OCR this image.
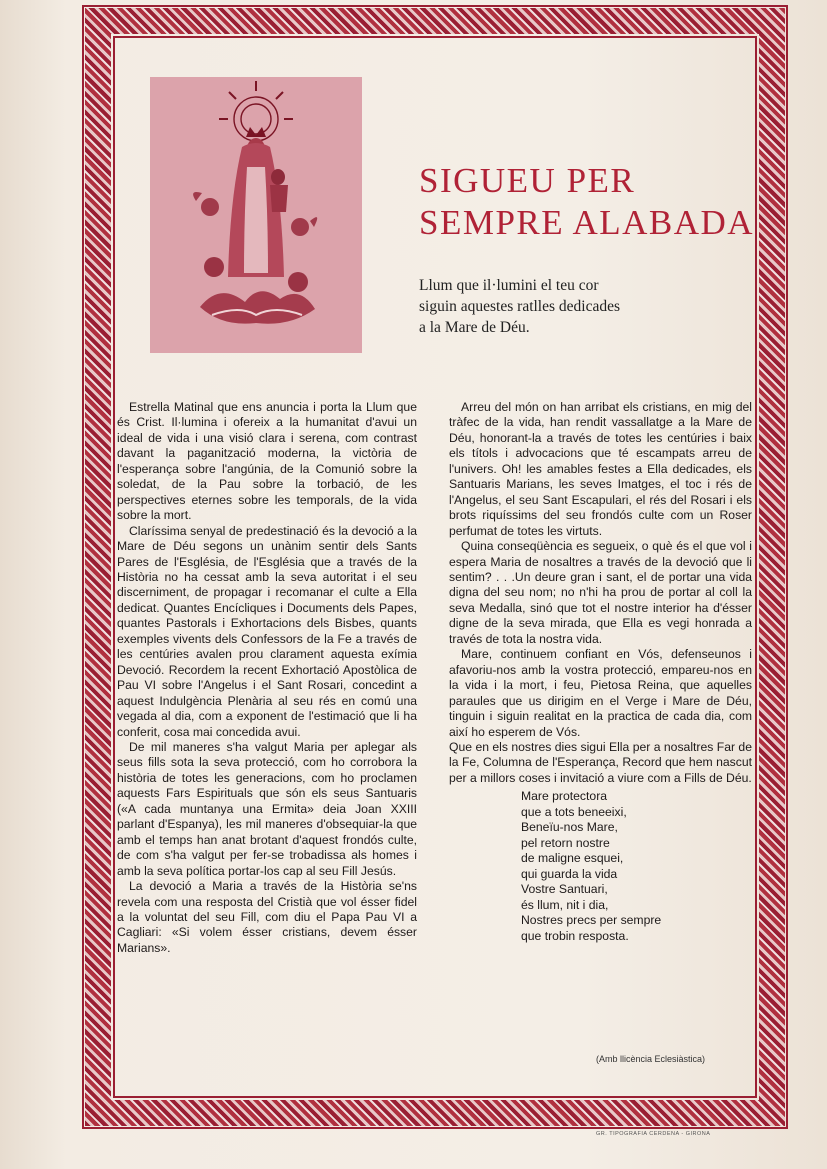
SIGUEU PER
SEMPRE ALABADA
Llum que il·lumini el teu cor
siguin aquestes ratlles dedicades
a la Mare de Déu.

Estrella Matinal que ens anuncia i porta la Llum que és Crist. Il·lumina i ofereix a la humanitat d'avui un ideal de vida i una visió clara i serena, com contrast davant la paganització moderna, la victòria de l'esperança sobre l'angúnia, de la Comunió sobre la soledat, de la Pau sobre la torbació, de les perspectives eternes sobre les temporals, de la vida sobre la mort.

Claríssima senyal de predestinació és la devoció a la Mare de Déu segons un unànim sentir dels Sants Pares de l'Església, de l'Església que a través de la Història no ha cessat amb la seva autoritat i el seu discerniment, de propagar i recomanar el culte a Ella dedicat. Quantes Encícliques i Documents dels Papes, quantes Pastorals i Exhortacions dels Bisbes, quants exemples vivents dels Confessors de la Fe a través de les centúries avalen prou clarament aquesta exímia Devoció. Recordem la recent Exhortació Apostòlica de Pau VI sobre l'Angelus i el Sant Rosari, concedint a aquest Indulgència Plenària al seu rés en comú una vegada al dia, com a exponent de l'estimació que li ha conferit, cosa mai concedida avui.

De mil maneres s'ha valgut Maria per aplegar als seus fills sota la seva protecció, com ho corrobora la història de totes les generacions, com ho proclamen aquests Fars Espirituals que són els seus Santuaris («A cada muntanya una Ermita» deia Joan XXIII parlant d'Espanya), les mil maneres d'obsequiar-la que amb el temps han anat brotant d'aquest frondós culte, de com s'ha valgut per fer-se trobadissa als homes i amb la seva política portar-los cap al seu Fill Jesús.

La devoció a Maria a través de la Història se'ns revela com una resposta del Cristià que vol ésser fidel a la voluntat del seu Fill, com diu el Papa Pau VI a Cagliari: «Si volem ésser cristians, devem ésser Marians».

Arreu del món on han arribat els cristians, en mig del tràfec de la vida, han rendit vassallatge a la Mare de Déu, honorant-la a través de totes les centúries i baix els títols i advocacions que té escampats arreu de l'univers. Oh! les amables festes a Ella dedicades, els Santuaris Marians, les seves Imatges, el toc i rés de l'Angelus, el seu Sant Escapulari, el rés del Rosari i els brots riquíssims del seu frondós culte com un Roser perfumat de totes les virtuts.

Quina conseqüència es segueix, o què és el que vol i espera Maria de nosaltres a través de la devoció que li sentim? . . .Un deure gran i sant, el de portar una vida digna del seu nom; no n'hi ha prou de portar al coll la seva Medalla, sinó que tot el nostre interior ha d'ésser digne de la seva mirada, que Ella es vegi honrada a través de tota la nostra vida.

Mare, continuem confiant en Vós, defenseunos i afavoriu-nos amb la vostra protecció, empareu-nos en la vida i la mort, i feu, Pietosa Reina, que aquelles paraules que us dirigim en el Verge i Mare de Déu, tinguin i siguin realitat en la practica de cada dia, com així ho esperem de Vós.

Que en els nostres dies sigui Ella per a nosaltres Far de la Fe, Columna de l'Esperança, Record que hem nascut per a millors coses i invitació a viure com a Fills de Déu.

Mare protectora
que a tots beneeixi,
Beneïu-nos Mare,
pel retorn nostre
de maligne esquei,
qui guarda la vida
Vostre Santuari,
és llum, nit i dia,
Nostres precs per sempre
que trobin resposta.
(Amb llicència Eclesiàstica)
GR. TIPOGRAFIA CERDENA - GIRONA
